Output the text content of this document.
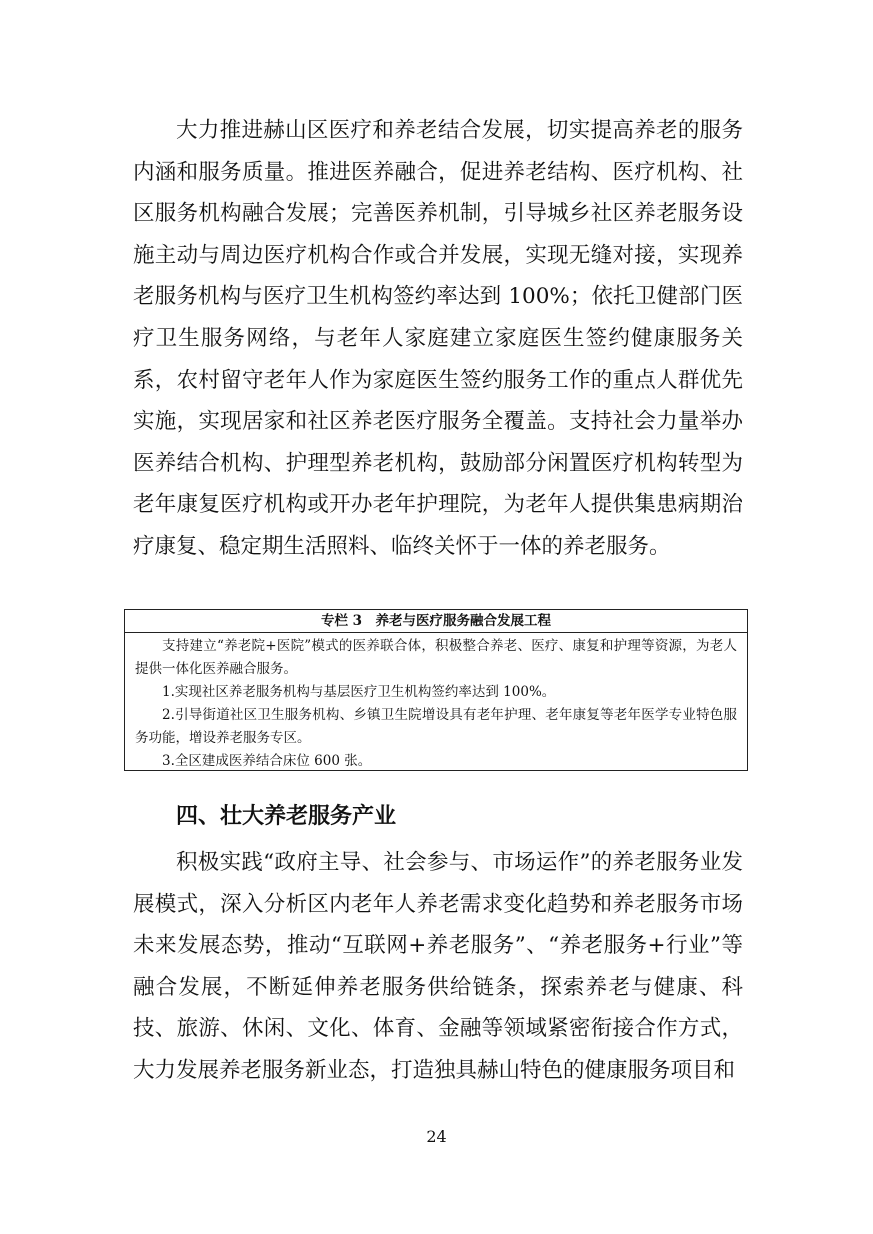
大力推进赫山区医疗和养老结合发展，切实提高养老的服务内涵和服务质量。推进医养融合，促进养老结构、医疗机构、社区服务机构融合发展；完善医养机制，引导城乡社区养老服务设施主动与周边医疗机构合作或合并发展，实现无缝对接，实现养老服务机构与医疗卫生机构签约率达到 100%；依托卫健部门医疗卫生服务网络，与老年人家庭建立家庭医生签约健康服务关系，农村留守老年人作为家庭医生签约服务工作的重点人群优先实施，实现居家和社区养老医疗服务全覆盖。支持社会力量举办医养结合机构、护理型养老机构，鼓励部分闲置医疗机构转型为老年康复医疗机构或开办老年护理院，为老年人提供集患病期治疗康复、稳定期生活照料、临终关怀于一体的养老服务。

专栏 3　养老与医疗服务融合发展工程

支持建立“养老院+医院”模式的医养联合体，积极整合养老、医疗、康复和护理等资源，为老人提供一体化医养融合服务。

1.实现社区养老服务机构与基层医疗卫生机构签约率达到 100%。

2.引导街道社区卫生服务机构、乡镇卫生院增设具有老年护理、老年康复等老年医学专业特色服务功能，增设养老服务专区。

3.全区建成医养结合床位 600 张。

四、壮大养老服务产业

积极实践“政府主导、社会参与、市场运作”的养老服务业发展模式，深入分析区内老年人养老需求变化趋势和养老服务市场未来发展态势，推动“互联网+养老服务”、“养老服务+行业”等融合发展，不断延伸养老服务供给链条，探索养老与健康、科技、旅游、休闲、文化、体育、金融等领域紧密衔接合作方式，大力发展养老服务新业态，打造独具赫山特色的健康服务项目和

24
